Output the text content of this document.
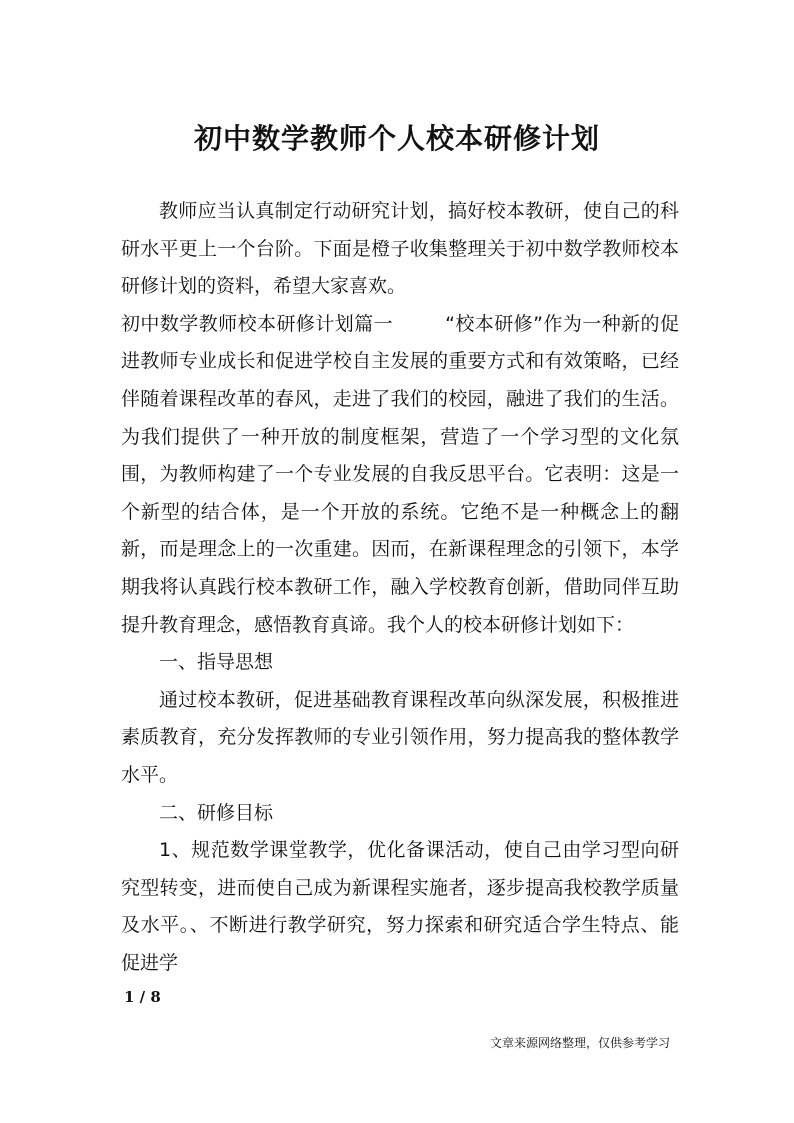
初中数学教师个人校本研修计划

教师应当认真制定行动研究计划，搞好校本教研，使自己的科研水平更上一个台阶。下面是橙子收集整理关于初中数学教师校本研修计划的资料，希望大家喜欢。

初中数学教师校本研修计划篇一	“校本研修”作为一种新的促进教师专业成长和促进学校自主发展的重要方式和有效策略，已经伴随着课程改革的春风，走进了我们的校园，融进了我们的生活。为我们提供了一种开放的制度框架，营造了一个学习型的文化氛围，为教师构建了一个专业发展的自我反思平台。它表明：这是一个新型的结合体，是一个开放的系统。它绝不是一种概念上的翻新，而是理念上的一次重建。因而，在新课程理念的引领下，本学期我将认真践行校本教研工作，融入学校教育创新，借助同伴互助提升教育理念，感悟教育真谛。我个人的校本研修计划如下：

一、指导思想

通过校本教研，促进基础教育课程改革向纵深发展，积极推进素质教育，充分发挥教师的专业引领作用，努力提高我的整体教学水平。

二、研修目标

1、规范数学课堂教学，优化备课活动，使自己由学习型向研究型转变，进而使自己成为新课程实施者，逐步提高我校教学质量及水平。、不断进行教学研究，努力探索和研究适合学生特点、能促进学

1 / 8
文章来源网络整理，仅供参考学习
